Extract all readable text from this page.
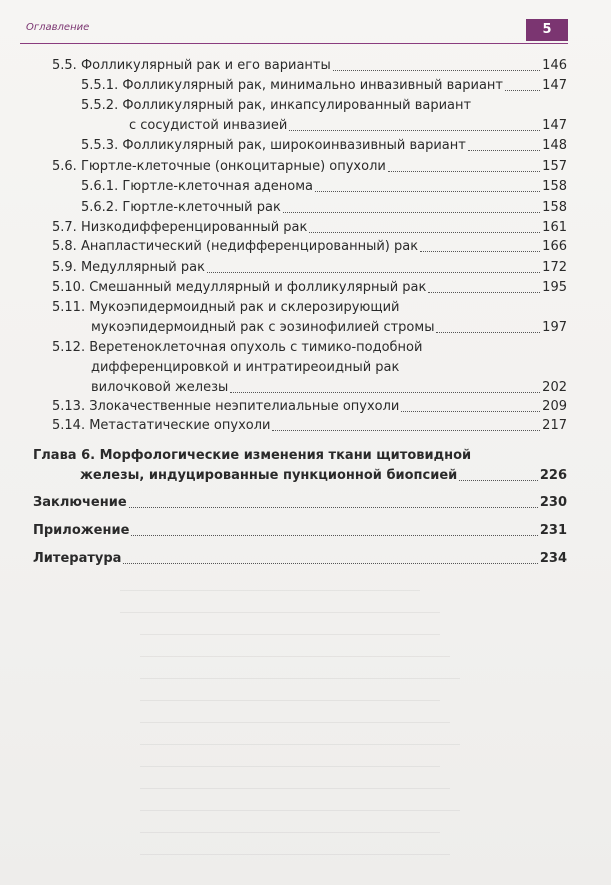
Оглавление	5
5.5. Фолликулярный рак и его варианты	146
5.5.1. Фолликулярный рак, минимально инвазивный вариант	147
5.5.2. Фолликулярный рак, инкапсулированный вариант
с сосудистой инвазией	147
5.5.3. Фолликулярный рак, широкоинвазивный вариант	148
5.6. Гюртле-клеточные (онкоцитарные) опухоли	157
5.6.1. Гюртле-клеточная аденома	158
5.6.2. Гюртле-клеточный рак	158
5.7. Низкодифференцированный рак	161
5.8. Анапластический (недифференцированный) рак	166
5.9. Медуллярный рак	172
5.10. Смешанный медуллярный и фолликулярный рак	195
5.11. Мукоэпидермоидный рак и склерозирующий
мукоэпидермоидный рак с эозинофилией стромы	197
5.12. Веретеноклеточная опухоль с тимико-подобной
дифференцировкой и интратиреоидный рак
вилочковой железы	202
5.13. Злокачественные неэпителиальные опухоли	209
5.14. Метастатические опухоли	217
Глава 6. Морфологические изменения ткани щитовидной
железы, индуцированные пункционной биопсией	226
Заключение	230
Приложение	231
Литература	234
